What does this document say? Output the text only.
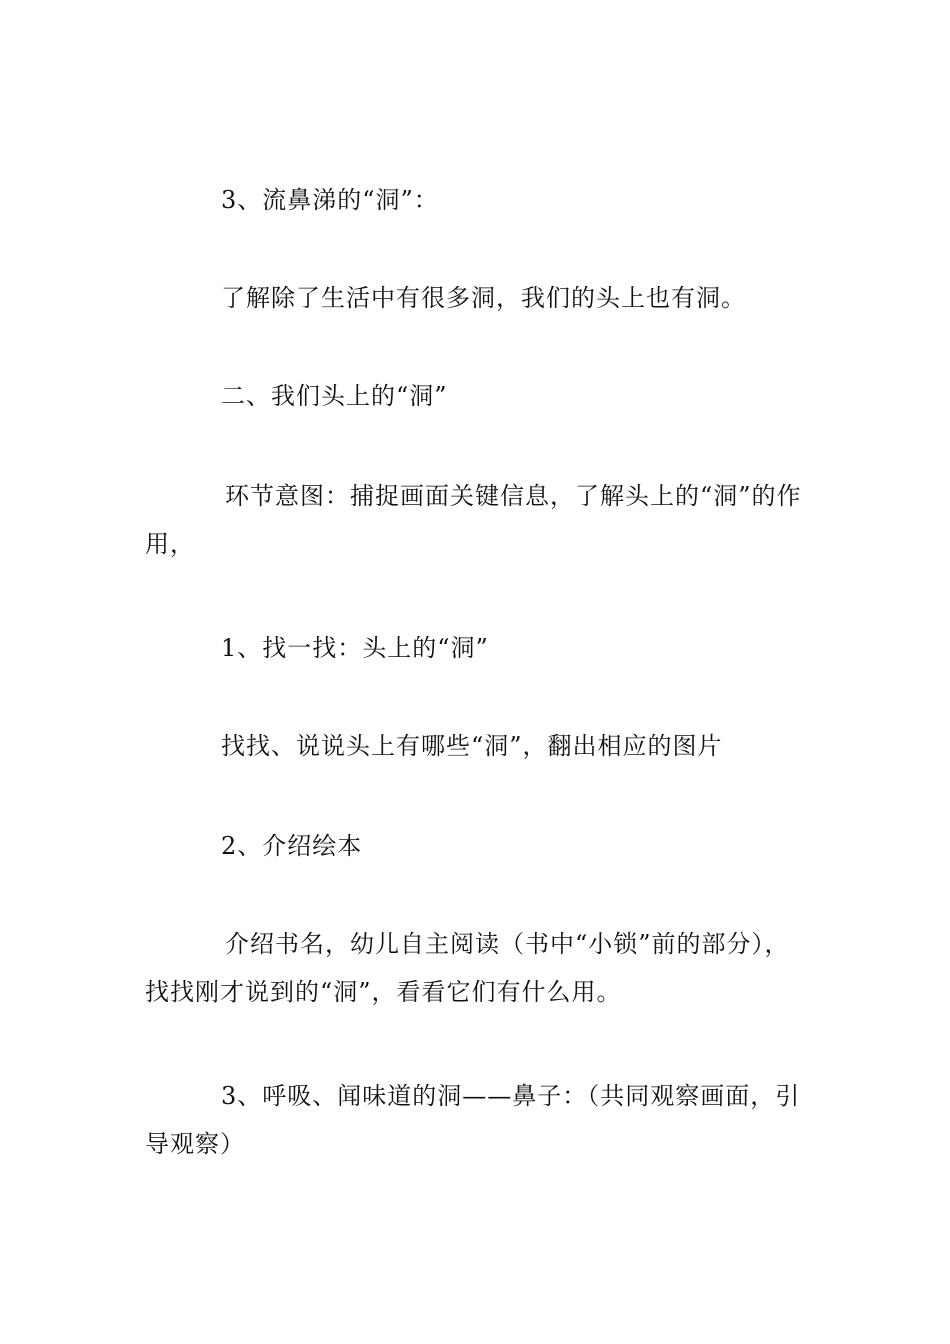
3、流鼻涕的“洞”：

了解除了生活中有很多洞，我们的头上也有洞。

二、我们头上的“洞”

环节意图：捕捉画面关键信息，了解头上的“洞”的作用，

1、找一找：头上的“洞”

找找、说说头上有哪些“洞”，翻出相应的图片

2、介绍绘本

介绍书名，幼儿自主阅读（书中“小锁”前的部分），找找刚才说到的“洞”，看看它们有什么用。

3、呼吸、闻味道的洞——鼻子：（共同观察画面，引导观察）
